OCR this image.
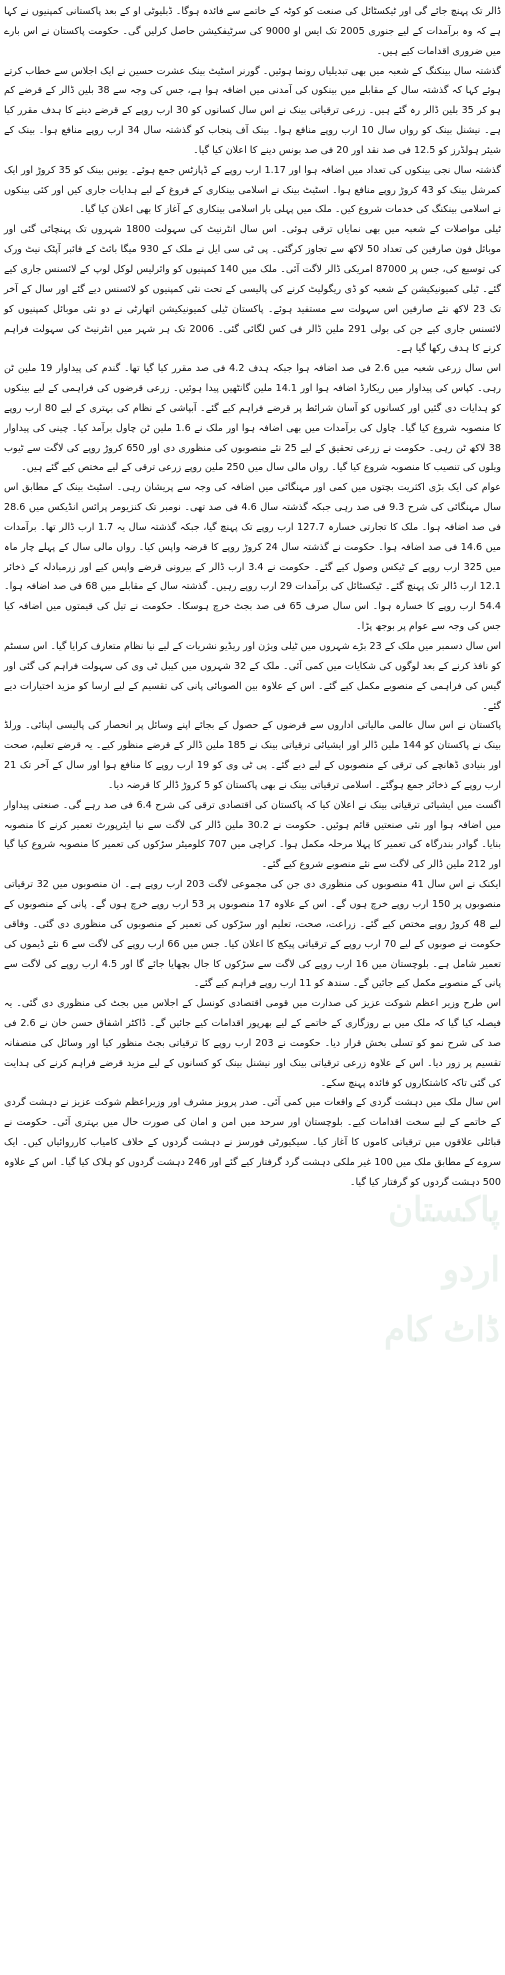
ڈالر تک پہنچ جائے گی اور ٹیکسٹائل کی صنعت کو کوٹہ کے خاتمے سے فائدہ ہوگا۔ ڈبلیوٹی او کے بعد پاکستانی کمپنیوں نے کہا ہے کہ وہ برآمدات کے لیے جنوری 2005 تک ایس او 9000 کی سرٹیفکیشن حاصل کرلیں گی۔ حکومت پاکستان نے اس بارے میں ضروری اقدامات کیے ہیں۔

گذشتہ سال بینکنگ کے شعبہ میں بھی تبدیلیاں رونما ہوئیں۔ گورنر اسٹیٹ بینک عشرت حسین نے ایک اجلاس سے خطاب کرتے ہوئے کہا کہ گذشتہ سال کے مقابلے میں بینکوں کی آمدنی میں اضافہ ہوا ہے، جس کی وجہ سے 38 بلین ڈالر کے قرضے کم ہو کر 35 بلین ڈالر رہ گئے ہیں۔ زرعی ترقیاتی بینک نے اس سال کسانوں کو 30 ارب روپے کے قرضے دینے کا ہدف مقرر کیا ہے۔ نیشنل بینک کو رواں سال 10 ارب روپے منافع ہوا۔ بینک آف پنجاب کو گذشتہ سال 34 ارب روپے منافع ہوا۔ بینک کے شیئر ہولڈرز کو 12.5 فی صد نقد اور 20 فی صد بونس دینے کا اعلان کیا گیا۔

گذشتہ سال نجی بینکوں کی تعداد میں اضافہ ہوا اور 1.17 ارب روپے کے ڈپازٹس جمع ہوئے۔ یونین بینک کو 35 کروڑ اور ایک کمرشل بینک کو 43 کروڑ روپے منافع ہوا۔ اسٹیٹ بینک نے اسلامی بینکاری کے فروغ کے لیے ہدایات جاری کیں اور کئی بینکوں نے اسلامی بینکنگ کی خدمات شروع کیں۔ ملک میں پہلی بار اسلامی بینکاری کے آغاز کا بھی اعلان کیا گیا۔

ٹیلی مواصلات کے شعبہ میں بھی نمایاں ترقی ہوئی۔ اس سال انٹرنیٹ کی سہولت 1800 شہروں تک پہنچائی گئی اور موبائل فون صارفین کی تعداد 50 لاکھ سے تجاوز کرگئی۔ پی ٹی سی ایل نے ملک کے 930 میگا بائٹ کے فائبر آپٹک نیٹ ورک کی توسیع کی، جس پر 87000 امریکی ڈالر لاگت آئی۔ ملک میں 140 کمپنیوں کو وائرلیس لوکل لوپ کے لائسنس جاری کیے گئے۔ ٹیلی کمیونیکیشن کے شعبہ کو ڈی ریگولیٹ کرنے کی پالیسی کے تحت نئی کمپنیوں کو لائسنس دیے گئے اور سال کے آخر تک 23 لاکھ نئے صارفین اس سہولت سے مستفید ہوئے۔ پاکستان ٹیلی کمیونیکیشن اتھارٹی نے دو نئی موبائل کمپنیوں کو لائسنس جاری کیے جن کی بولی 291 ملین ڈالر فی کس لگائی گئی۔ 2006 تک ہر شہر میں انٹرنیٹ کی سہولت فراہم کرنے کا ہدف رکھا گیا ہے۔

اس سال زرعی شعبہ میں 2.6 فی صد اضافہ ہوا جبکہ ہدف 4.2 فی صد مقرر کیا گیا تھا۔ گندم کی پیداوار 19 ملین ٹن رہی۔ کپاس کی پیداوار میں ریکارڈ اضافہ ہوا اور 14.1 ملین گانٹھیں پیدا ہوئیں۔ زرعی قرضوں کی فراہمی کے لیے بینکوں کو ہدایات دی گئیں اور کسانوں کو آسان شرائط پر قرضے فراہم کیے گئے۔ آبپاشی کے نظام کی بہتری کے لیے 80 ارب روپے کا منصوبہ شروع کیا گیا۔ چاول کی برآمدات میں بھی اضافہ ہوا اور ملک نے 1.6 ملین ٹن چاول برآمد کیا۔ چینی کی پیداوار 38 لاکھ ٹن رہی۔ حکومت نے زرعی تحقیق کے لیے 25 نئے منصوبوں کی منظوری دی اور 650 کروڑ روپے کی لاگت سے ٹیوب ویلوں کی تنصیب کا منصوبہ شروع کیا گیا۔ رواں مالی سال میں 250 ملین روپے زرعی ترقی کے لیے مختص کیے گئے ہیں۔

عوام کی ایک بڑی اکثریت بچتوں میں کمی اور مہنگائی میں اضافہ کی وجہ سے پریشان رہی۔ اسٹیٹ بینک کے مطابق اس سال مہنگائی کی شرح 9.3 فی صد رہی جبکہ گذشتہ سال 4.6 فی صد تھی۔ نومبر تک کنزیومر پرائس انڈیکس میں 28.6 فی صد اضافہ ہوا۔ ملک کا تجارتی خسارہ 127.7 ارب روپے تک پہنچ گیا، جبکہ گذشتہ سال یہ 1.7 ارب ڈالر تھا۔ برآمدات میں 14.6 فی صد اضافہ ہوا۔ حکومت نے گذشتہ سال 24 کروڑ روپے کا قرضہ واپس کیا۔ رواں مالی سال کے پہلے چار ماہ میں 325 ارب روپے کے ٹیکس وصول کیے گئے۔ حکومت نے 3.4 ارب ڈالر کے بیرونی قرضے واپس کیے اور زرمبادلہ کے ذخائر 12.1 ارب ڈالر تک پہنچ گئے۔ ٹیکسٹائل کی برآمدات 29 ارب روپے رہیں۔ گذشتہ سال کے مقابلے میں 68 فی صد اضافہ ہوا۔ 54.4 ارب روپے کا خسارہ ہوا۔ اس سال صرف 65 فی صد بجٹ خرچ ہوسکا۔ حکومت نے تیل کی قیمتوں میں اضافہ کیا جس کی وجہ سے عوام پر بوجھ پڑا۔

اس سال دسمبر میں ملک کے 23 بڑے شہروں میں ٹیلی ویژن اور ریڈیو نشریات کے لیے نیا نظام متعارف کرایا گیا۔ اس سسٹم کو نافذ کرنے کے بعد لوگوں کی شکایات میں کمی آئی۔ ملک کے 32 شہروں میں کیبل ٹی وی کی سہولت فراہم کی گئی اور گیس کی فراہمی کے منصوبے مکمل کیے گئے۔ اس کے علاوہ بین الصوبائی پانی کی تقسیم کے لیے ارسا کو مزید اختیارات دیے گئے۔

پاکستان نے اس سال عالمی مالیاتی اداروں سے قرضوں کے حصول کے بجائے اپنے وسائل پر انحصار کی پالیسی اپنائی۔ ورلڈ بینک نے پاکستان کو 144 ملین ڈالر اور ایشیائی ترقیاتی بینک نے 185 ملین ڈالر کے قرضے منظور کیے۔ یہ قرضے تعلیم، صحت اور بنیادی ڈھانچے کی ترقی کے منصوبوں کے لیے دیے گئے۔ پی ٹی وی کو 19 ارب روپے کا منافع ہوا اور سال کے آخر تک 21 ارب روپے کے ذخائر جمع ہوگئے۔ اسلامی ترقیاتی بینک نے بھی پاکستان کو 5 کروڑ ڈالر کا قرضہ دیا۔

اگست میں ایشیائی ترقیاتی بینک نے اعلان کیا کہ پاکستان کی اقتصادی ترقی کی شرح 6.4 فی صد رہے گی۔ صنعتی پیداوار میں اضافہ ہوا اور نئی صنعتیں قائم ہوئیں۔ حکومت نے 30.2 ملین ڈالر کی لاگت سے نیا ایئرپورٹ تعمیر کرنے کا منصوبہ بنایا۔ گوادر بندرگاہ کی تعمیر کا پہلا مرحلہ مکمل ہوا۔ کراچی میں 707 کلومیٹر سڑکوں کی تعمیر کا منصوبہ شروع کیا گیا اور 212 ملین ڈالر کی لاگت سے نئے منصوبے شروع کیے گئے۔

ایکنک نے اس سال 41 منصوبوں کی منظوری دی جن کی مجموعی لاگت 203 ارب روپے ہے۔ ان منصوبوں میں 32 ترقیاتی منصوبوں پر 150 ارب روپے خرچ ہوں گے۔ اس کے علاوہ 17 منصوبوں پر 53 ارب روپے خرچ ہوں گے۔ پانی کے منصوبوں کے لیے 48 کروڑ روپے مختص کیے گئے۔ زراعت، صحت، تعلیم اور سڑکوں کی تعمیر کے منصوبوں کی منظوری دی گئی۔ وفاقی حکومت نے صوبوں کے لیے 70 ارب روپے کے ترقیاتی پیکج کا اعلان کیا۔ جس میں 66 ارب روپے کی لاگت سے 6 نئے ڈیموں کی تعمیر شامل ہے۔ بلوچستان میں 16 ارب روپے کی لاگت سے سڑکوں کا جال بچھایا جائے گا اور 4.5 ارب روپے کی لاگت سے پانی کے منصوبے مکمل کیے جائیں گے۔ سندھ کو 11 ارب روپے فراہم کیے گئے۔

اس طرح وزیر اعظم شوکت عزیز کی صدارت میں قومی اقتصادی کونسل کے اجلاس میں بجٹ کی منظوری دی گئی۔ یہ فیصلہ کیا گیا کہ ملک میں بے روزگاری کے خاتمے کے لیے بھرپور اقدامات کیے جائیں گے۔ ڈاکٹر اشفاق حسن خان نے 2.6 فی صد کی شرح نمو کو تسلی بخش قرار دیا۔ حکومت نے 203 ارب روپے کا ترقیاتی بجٹ منظور کیا اور وسائل کی منصفانہ تقسیم پر زور دیا۔ اس کے علاوہ زرعی ترقیاتی بینک اور نیشنل بینک کو کسانوں کے لیے مزید قرضے فراہم کرنے کی ہدایت کی گئی تاکہ کاشتکاروں کو فائدہ پہنچ سکے۔

اس سال ملک میں دہشت گردی کے واقعات میں کمی آئی۔ صدر پرویز مشرف اور وزیراعظم شوکت عزیز نے دہشت گردی کے خاتمے کے لیے سخت اقدامات کیے۔ بلوچستان اور سرحد میں امن و امان کی صورت حال میں بہتری آئی۔ حکومت نے قبائلی علاقوں میں ترقیاتی کاموں کا آغاز کیا۔ سیکیورٹی فورسز نے دہشت گردوں کے خلاف کامیاب کارروائیاں کیں۔ ایک سروے کے مطابق ملک میں 100 غیر ملکی دہشت گرد گرفتار کیے گئے اور 246 دہشت گردوں کو ہلاک کیا گیا۔ اس کے علاوہ 500 دہشت گردوں کو گرفتار کیا گیا۔

پاکستان
اردو
ڈاٹ کام
